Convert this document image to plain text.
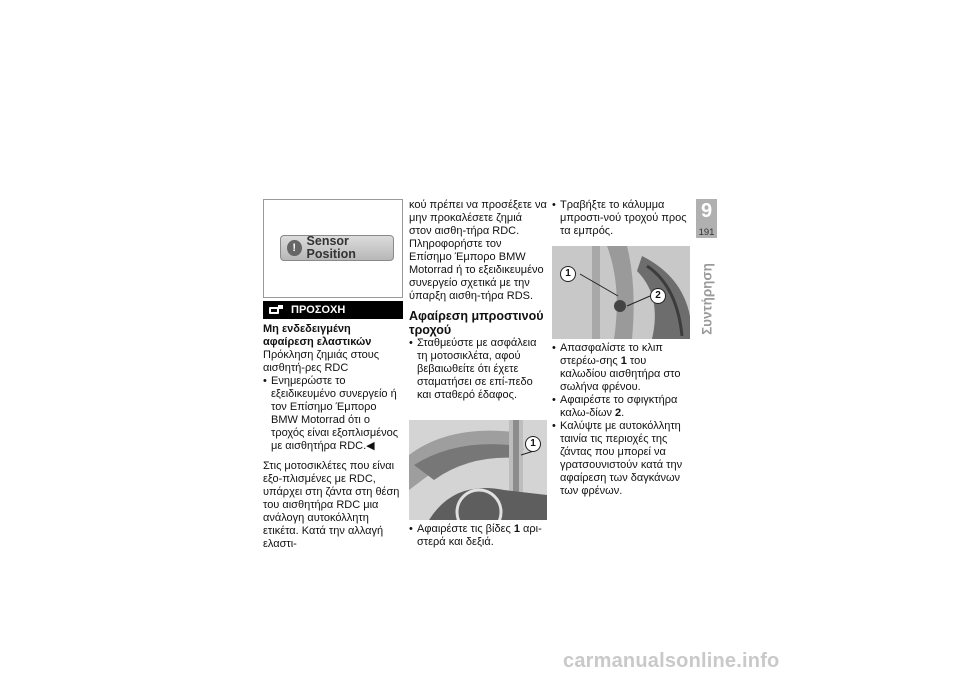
! Sensor Position
ΠΡΟΣΟΧΗ

Μη ενδεδειγμένη αφαίρεση ελαστικών

Πρόκληση ζημιάς στους αισθητή-ρες RDC

• Ενημερώστε το εξειδικευμένο συνεργείο ή τον Επίσημο Έμπορο BMW Motorrad ότι ο τροχός είναι εξοπλισμένος με αισθητήρα RDC.◀

Στις μοτοσικλέτες που είναι εξο-πλισμένες με RDC, υπάρχει στη ζάντα στη θέση του αισθητήρα RDC μια ανάλογη αυτοκόλλητη ετικέτα. Κατά την αλλαγή ελαστι-

κού πρέπει να προσέξετε να μην προκαλέσετε ζημιά στον αισθη-τήρα RDC. Πληροφορήστε τον Επίσημο Έμπορο BMW Motorrad ή το εξειδικευμένο συνεργείο σχετικά με την ύπαρξη αισθη-τήρα RDS.

Αφαίρεση μπροστινού τροχού

• Σταθμεύστε με ασφάλεια τη μοτοσικλέτα, αφού βεβαιωθείτε ότι έχετε σταματήσει σε επί-πεδο και σταθερό έδαφος.

1

• Αφαιρέστε τις βίδες 1 αρι-στερά και δεξιά.

• Τραβήξτε το κάλυμμα μπροστι-νού τροχού προς τα εμπρός.

1
2

• Απασφαλίστε το κλιπ στερέω-σης 1 του καλωδίου αισθητήρα στο σωλήνα φρένου.

• Αφαιρέστε το σφιγκτήρα καλω-δίων 2.

• Καλύψτε με αυτοκόλλητη ταινία τις περιοχές της ζάντας που μπορεί να γρατσουνιστούν κατά την αφαίρεση των δαγκάνων των φρένων.

9
191
Συντήρηση
carmanualsonline.info
